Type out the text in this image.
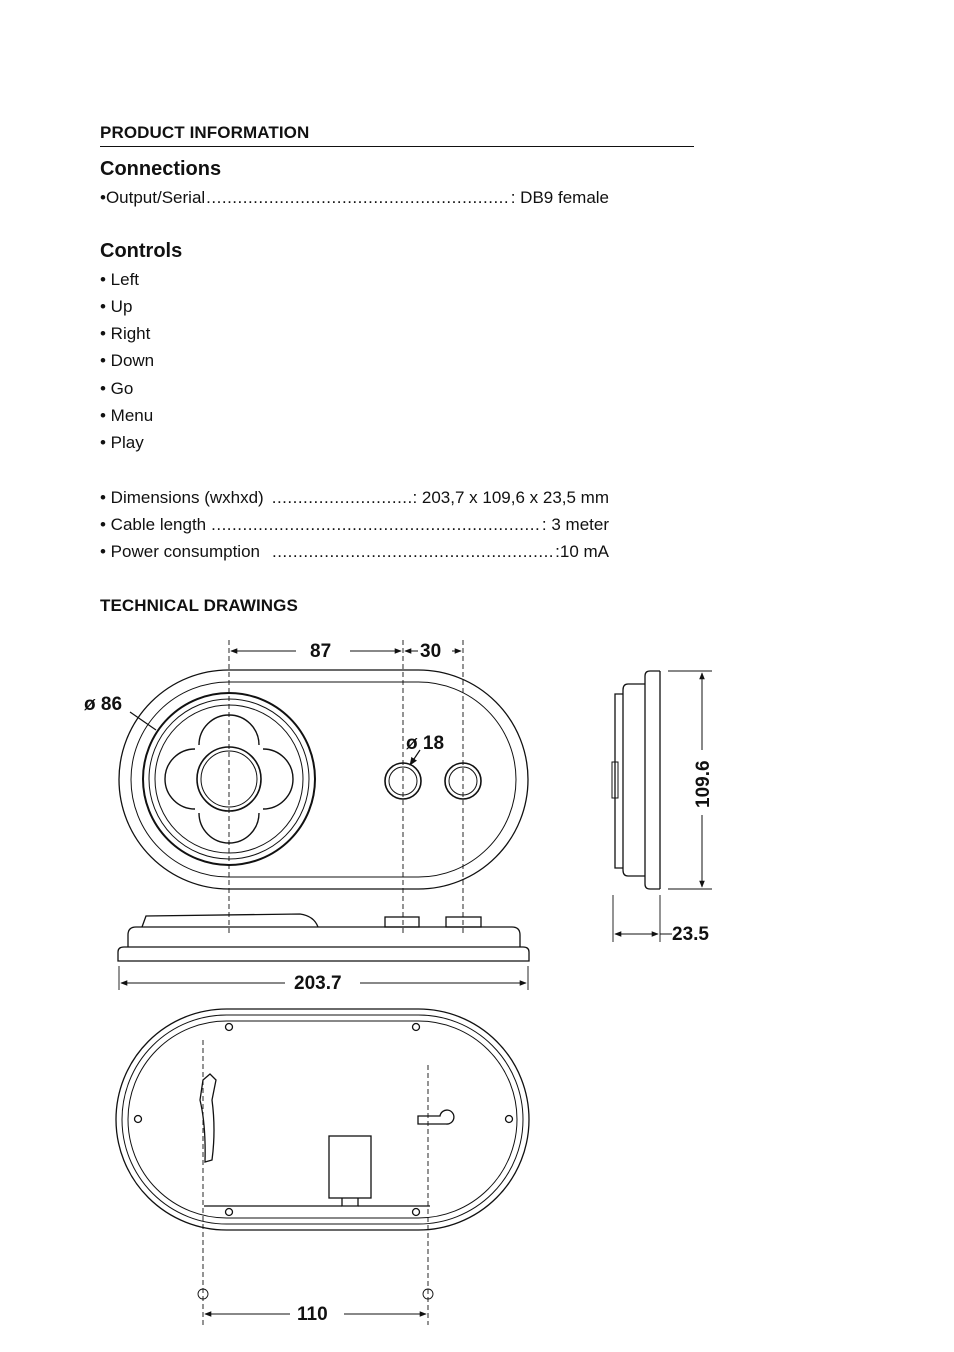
PRODUCT INFORMATION
Connections
•Output/Serial .....	: DB9 female
Controls
• Left
• Up
• Right
• Down
• Go
• Menu
• Play
• Dimensions (wxhxd) .....	: 203,7 x 109,6 x 23,5 mm
• Cable length .....	: 3 meter
• Power consumption .....	:10 mA
TECHNICAL DRAWINGS
87	30
ø 86
ø 18
203.7
23.5
109.6
110
